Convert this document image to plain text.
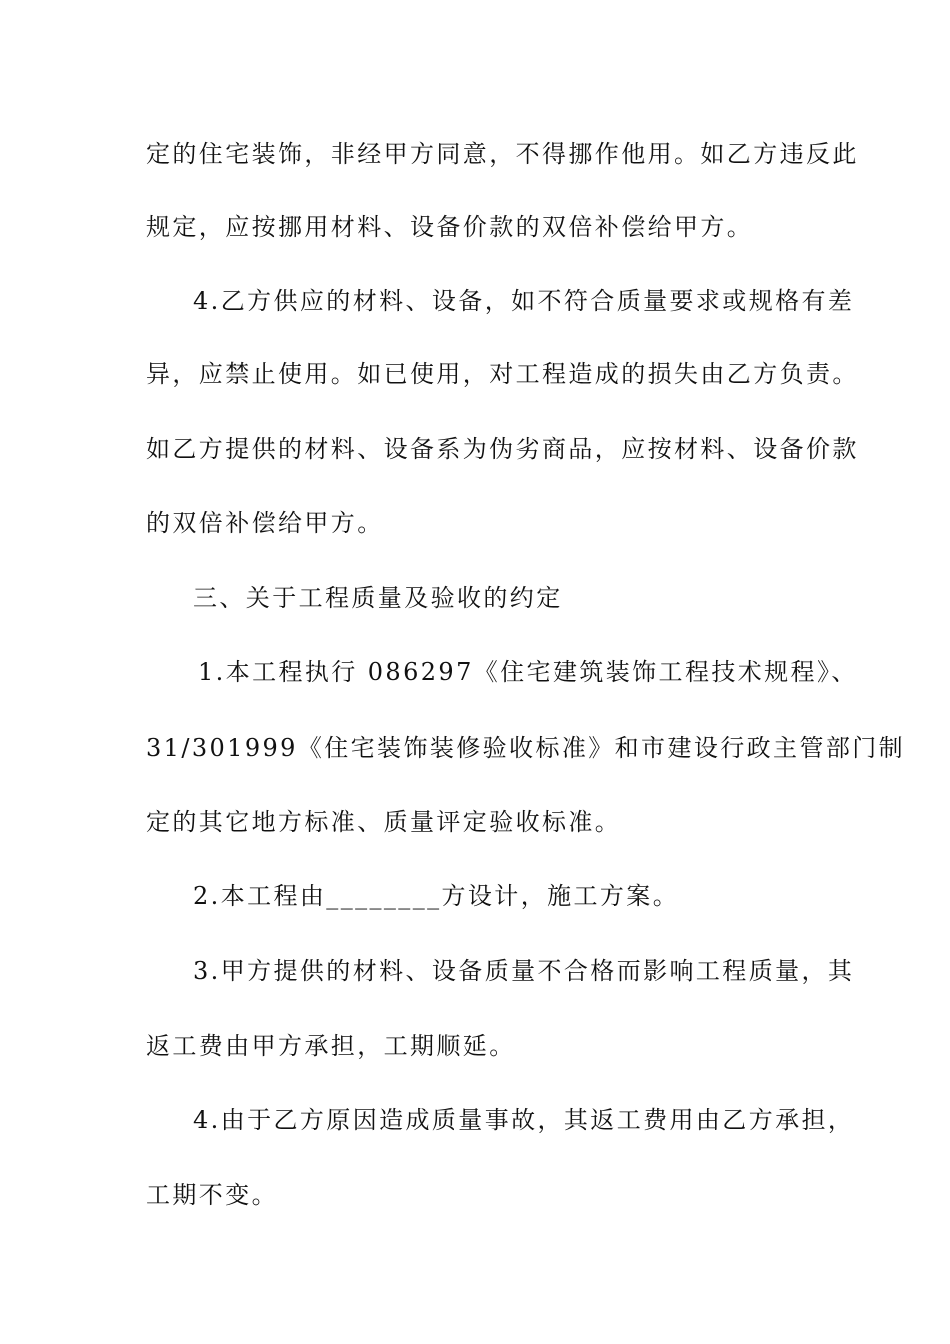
定的住宅装饰，非经甲方同意，不得挪作他用。如乙方违反此
规定，应按挪用材料、设备价款的双倍补偿给甲方。
4.乙方供应的材料、设备，如不符合质量要求或规格有差
异，应禁止使用。如已使用，对工程造成的损失由乙方负责。
如乙方提供的材料、设备系为伪劣商品，应按材料、设备价款
的双倍补偿给甲方。
三、关于工程质量及验收的约定
1.本工程执行 086297《住宅建筑装饰工程技术规程》、
31/301999《住宅装饰装修验收标准》和市建设行政主管部门制
定的其它地方标准、质量评定验收标准。
2.本工程由________方设计，施工方案。
3.甲方提供的材料、设备质量不合格而影响工程质量，其
返工费由甲方承担，工期顺延。
4.由于乙方原因造成质量事故，其返工费用由乙方承担，
工期不变。
